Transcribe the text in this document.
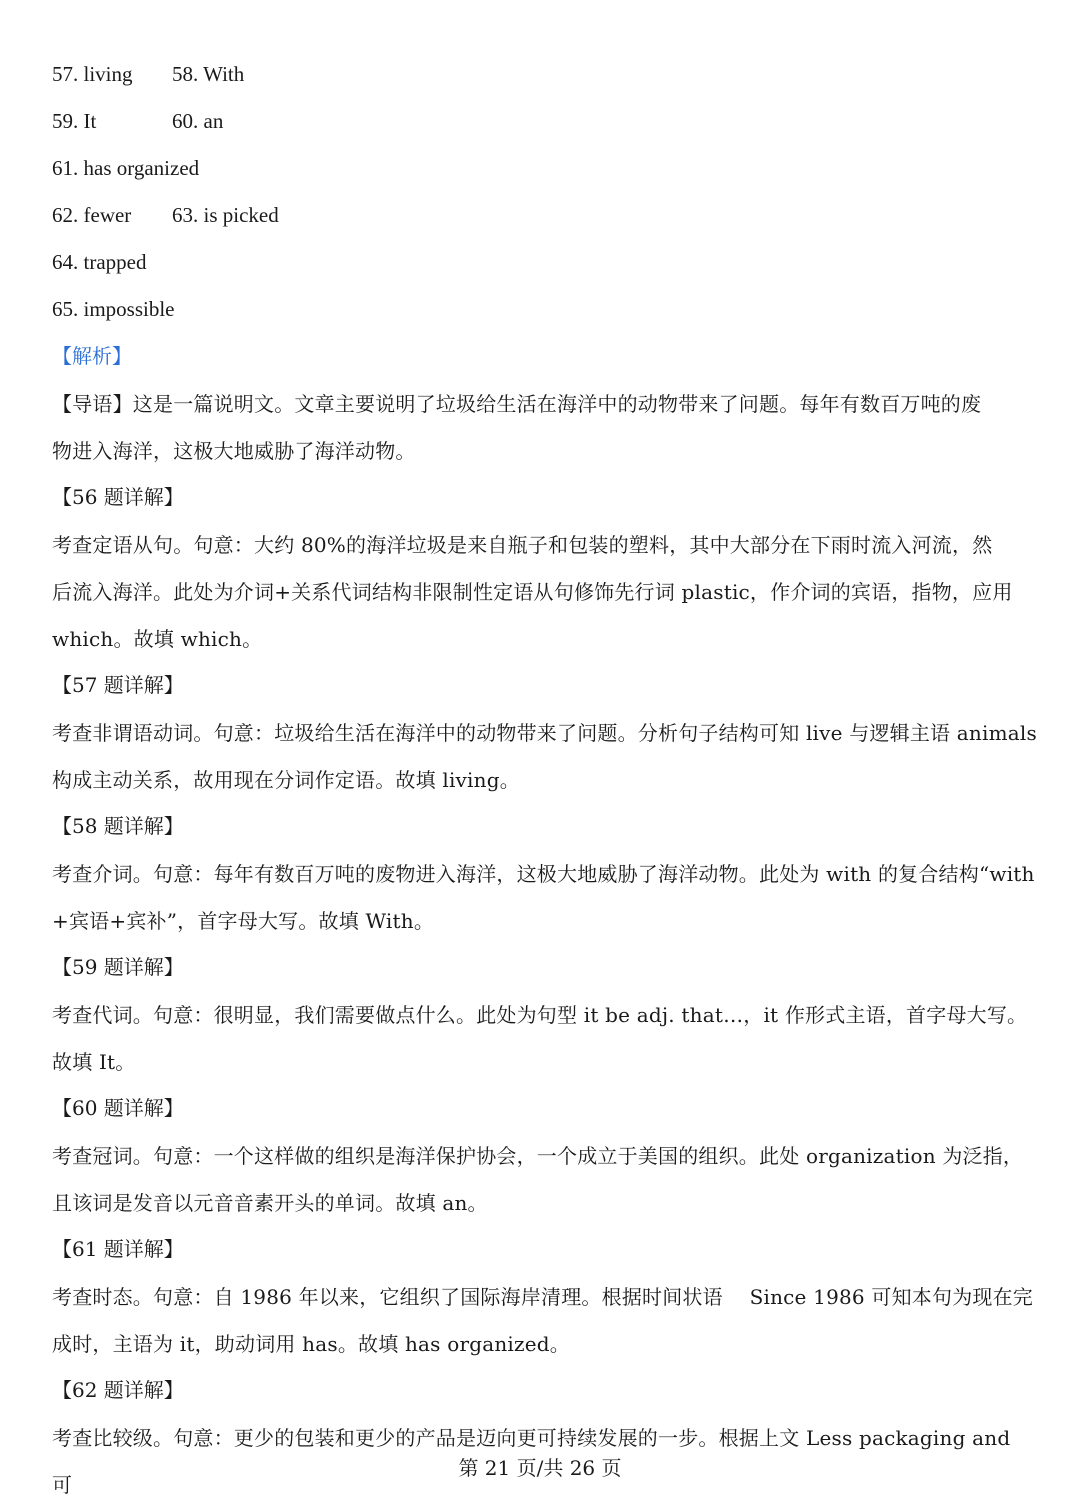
57. living 58. With
59. It	60. an
61. has organized
62. fewer 63. is picked
64. trapped
65. impossible
【解析】

【导语】这是一篇说明文。文章主要说明了垃圾给生活在海洋中的动物带来了问题。每年有数百万吨的废

物进入海洋，这极大地威胁了海洋动物。

【56 题详解】

考查定语从句。句意：大约 80%的海洋垃圾是来自瓶子和包装的塑料，其中大部分在下雨时流入河流，然

后流入海洋。此处为介词+关系代词结构非限制性定语从句修饰先行词 plastic，作介词的宾语，指物，应用

which。故填 which。

【57 题详解】

考查非谓语动词。句意：垃圾给生活在海洋中的动物带来了问题。分析句子结构可知 live 与逻辑主语 animals

构成主动关系，故用现在分词作定语。故填 living。

【58 题详解】

考查介词。句意：每年有数百万吨的废物进入海洋，这极大地威胁了海洋动物。此处为 with 的复合结构“with

+宾语+宾补”，首字母大写。故填 With。

【59 题详解】

考查代词。句意：很明显，我们需要做点什么。此处为句型 it be adj. that…，it 作形式主语，首字母大写。

故填 It。

【60 题详解】

考查冠词。句意：一个这样做的组织是海洋保护协会，一个成立于美国的组织。此处 organization 为泛指，

且该词是发音以元音音素开头的单词。故填 an。

【61 题详解】

考查时态。句意：自 1986 年以来，它组织了国际海岸清理。根据时间状语　 Since 1986 可知本句为现在完

成时，主语为 it，助动词用 has。故填 has organized。

【62 题详解】

考查比较级。句意：更少的包装和更少的产品是迈向更可持续发展的一步。根据上文 Less packaging and 可

第 21 页/共 26 页
